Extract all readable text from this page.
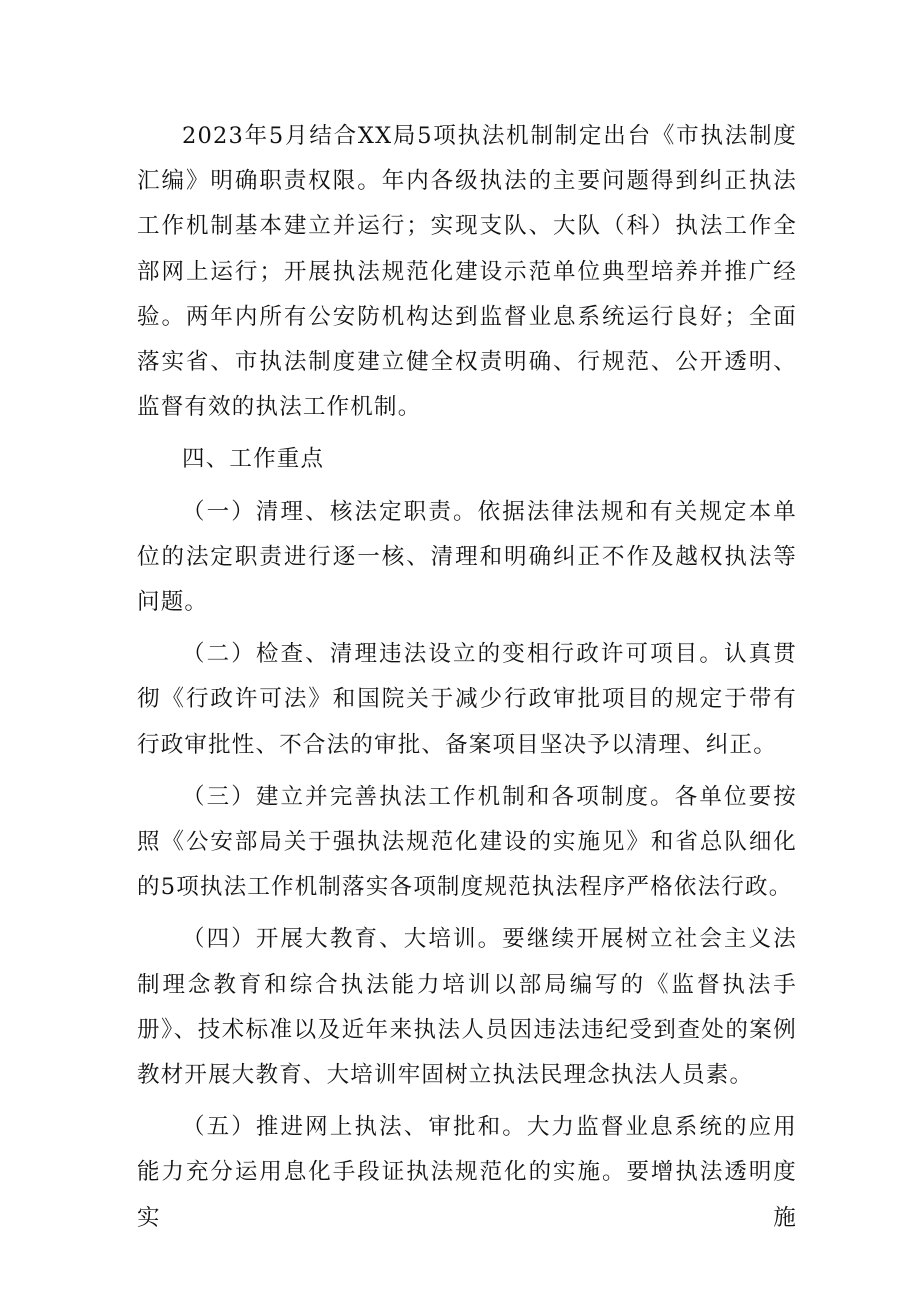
2023年5月结合XX局5项执法机制制定出台《市执法制度汇编》明确职责权限。年内各级执法的主要问题得到纠正执法工作机制基本建立并运行；实现支队、大队（科）执法工作全部网上运行；开展执法规范化建设示范单位典型培养并推广经验。两年内所有公安防机构达到监督业息系统运行良好；全面落实省、市执法制度建立健全权责明确、行规范、公开透明、监督有效的执法工作机制。

四、工作重点

（一）清理、核法定职责。依据法律法规和有关规定本单位的法定职责进行逐一核、清理和明确纠正不作及越权执法等问题。

（二）检查、清理违法设立的变相行政许可项目。认真贯彻《行政许可法》和国院关于减少行政审批项目的规定于带有行政审批性、不合法的审批、备案项目坚决予以清理、纠正。

（三）建立并完善执法工作机制和各项制度。各单位要按照《公安部局关于强执法规范化建设的实施见》和省总队细化的5项执法工作机制落实各项制度规范执法程序严格依法行政。

（四）开展大教育、大培训。要继续开展树立社会主义法制理念教育和综合执法能力培训以部局编写的《监督执法手册》、技术标准以及近年来执法人员因违法违纪受到查处的案例教材开展大教育、大培训牢固树立执法民理念执法人员素。

（五）推进网上执法、审批和。大力监督业息系统的应用能力充分运用息化手段证执法规范化的实施。要增执法透明度实施
